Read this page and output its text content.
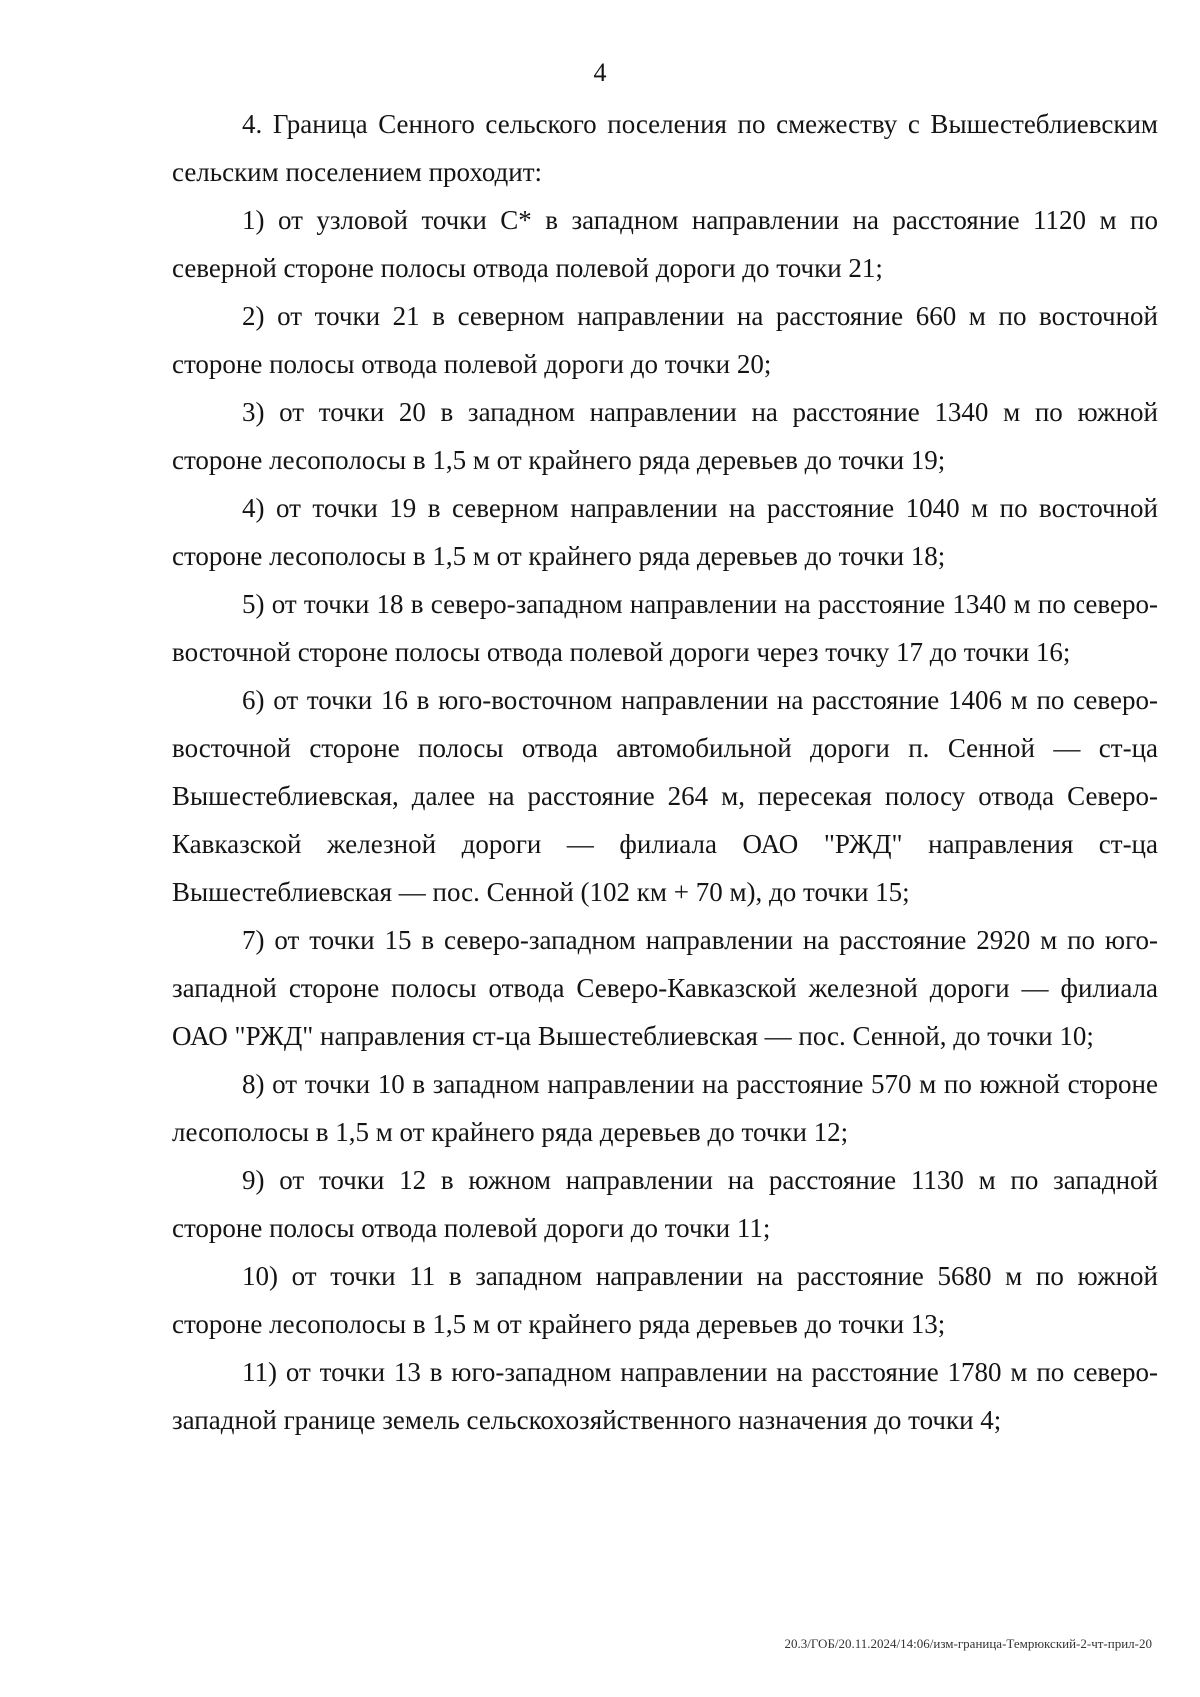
4

4. Граница Сенного сельского поселения по смежеству с Вышестеблиевским сельским поселением проходит:

1) от узловой точки С* в западном направлении на расстояние 1120 м по северной стороне полосы отвода полевой дороги до точки 21;

2) от точки 21 в северном направлении на расстояние 660 м по восточной стороне полосы отвода полевой дороги до точки 20;

3) от точки 20 в западном направлении на расстояние 1340 м по южной стороне лесополосы в 1,5 м от крайнего ряда деревьев до точки 19;

4) от точки 19 в северном направлении на расстояние 1040 м по восточной стороне лесополосы в 1,5 м от крайнего ряда деревьев до точки 18;

5) от точки 18 в северо-западном направлении на расстояние 1340 м по северо-восточной стороне полосы отвода полевой дороги через точку 17 до точки 16;

6) от точки 16 в юго-восточном направлении на расстояние 1406 м по северо-восточной стороне полосы отвода автомобильной дороги п. Сенной — ст-ца Вышестеблиевская, далее на расстояние 264 м, пересекая полосу отвода Северо-Кавказской железной дороги — филиала ОАО "РЖД" направления ст-ца Вышестеблиевская — пос. Сенной (102 км + 70 м), до точки 15;

7) от точки 15 в северо-западном направлении на расстояние 2920 м по юго-западной стороне полосы отвода Северо-Кавказской железной дороги — филиала ОАО "РЖД" направления ст-ца Вышестеблиевская — пос. Сенной, до точки 10;

8) от точки 10 в западном направлении на расстояние 570 м по южной стороне лесополосы в 1,5 м от крайнего ряда деревьев до точки 12;

9) от точки 12 в южном направлении на расстояние 1130 м по западной стороне полосы отвода полевой дороги до точки 11;

10) от точки 11 в западном направлении на расстояние 5680 м по южной стороне лесополосы в 1,5 м от крайнего ряда деревьев до точки 13;

11) от точки 13 в юго-западном направлении на расстояние 1780 м по северо-западной границе земель сельскохозяйственного назначения до точки 4;

20.3/ГОБ/20.11.2024/14:06/изм-граница-Темрюкский-2-чт-прил-20
